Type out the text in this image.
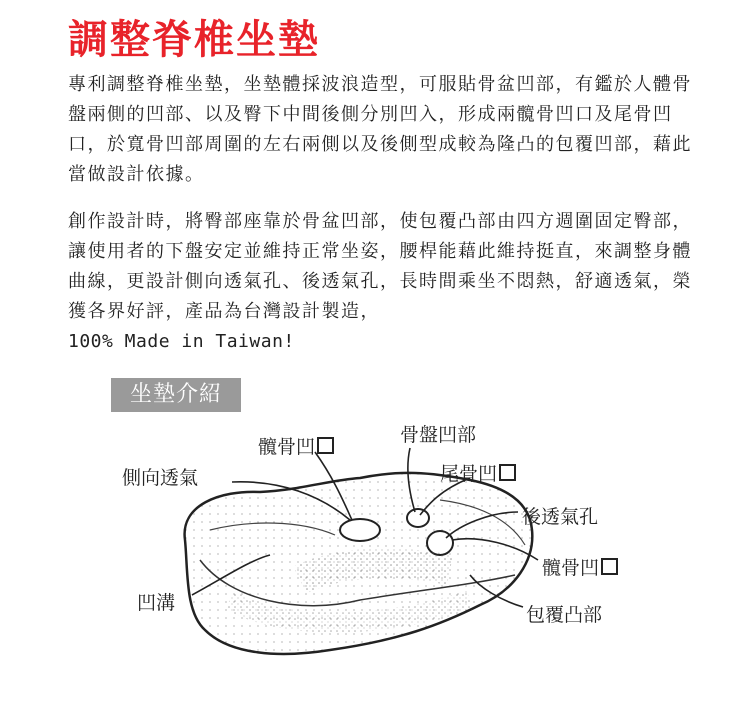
調整脊椎坐墊

專利調整脊椎坐墊，坐墊體採波浪造型，可服貼骨盆凹部，有鑑於人體骨盤兩側的凹部、以及臀下中間後側分別凹入，形成兩髖骨凹口及尾骨凹口，於寬骨凹部周圍的左右兩側以及後側型成較為隆凸的包覆凹部，藉此當做設計依據。

創作設計時，將臀部座靠於骨盆凹部，使包覆凸部由四方週圍固定臀部，讓使用者的下盤安定並維持正常坐姿，腰桿能藉此維持挺直，來調整身體曲線，更設計側向透氣孔、後透氣孔，長時間乘坐不悶熱，舒適透氣，榮獲各界好評，產品為台灣設計製造，
100% Made in Taiwan!

坐墊介紹
髖骨凹
骨盤凹部
側向透氣	尾骨凹
後透氣孔
髖骨凹
凹溝
包覆凸部
